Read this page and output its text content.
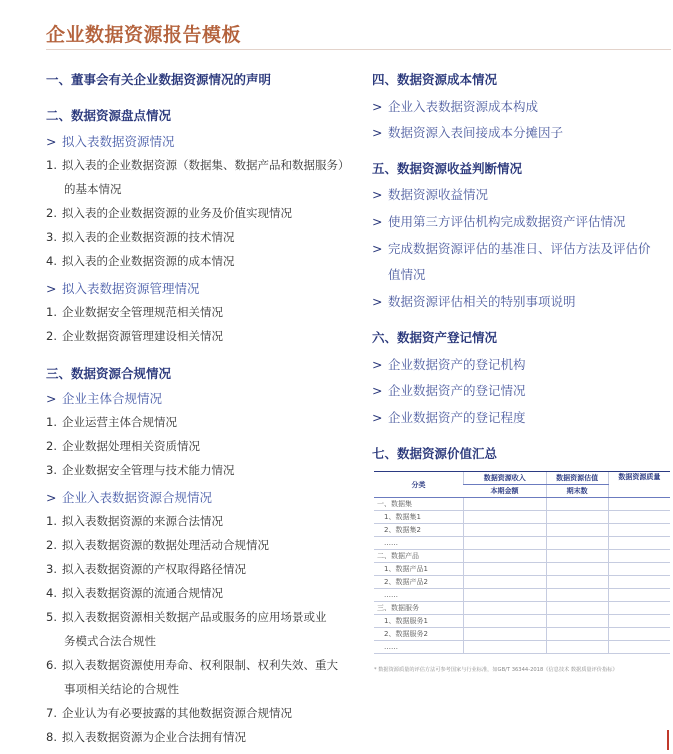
企业数据资源报告模板
一、董事会有关企业数据资源情况的声明
二、数据资源盘点情况
> 拟入表数据资源情况
1. 拟入表的企业数据资源（数据集、数据产品和数据服务）
的基本情况
2. 拟入表的企业数据资源的业务及价值实现情况
3. 拟入表的企业数据资源的技术情况
4. 拟入表的企业数据资源的成本情况
> 拟入表数据资源管理情况
1. 企业数据安全管理规范相关情况
2. 企业数据资源管理建设相关情况
三、数据资源合规情况
> 企业主体合规情况
1. 企业运营主体合规情况
2. 企业数据处理相关资质情况
3. 企业数据安全管理与技术能力情况
> 企业入表数据资源合规情况
1. 拟入表数据资源的来源合法情况
2. 拟入表数据资源的数据处理活动合规情况
3. 拟入表数据资源的产权取得路径情况
4. 拟入表数据资源的流通合规情况
5. 拟入表数据资源相关数据产品或服务的应用场景或业
务模式合法合规性
6. 拟入表数据资源使用寿命、权利限制、权利失效、重大
事项相关结论的合规性
7. 企业认为有必要披露的其他数据资源合规情况
8. 拟入表数据资源为企业合法拥有情况
四、数据资源成本情况
> 企业入表数据资源成本构成
> 数据资源入表间接成本分摊因子
五、数据资源收益判断情况
> 数据资源收益情况
> 使用第三方评估机构完成数据资产评估情况
> 完成数据资源评估的基准日、评估方法及评估价
值情况
> 数据资源评估相关的特别事项说明
六、数据资产登记情况
> 企业数据资产的登记机构
> 企业数据资产的登记情况
> 企业数据资产的登记程度
七、数据资源价值汇总
分类	数据资源收入	数据资源估值	数据资源质量
	本期金额	期末数	
一、数据集			
1、数据集1			
2、数据集2			
……			
二、数据产品			
1、数据产品1			
2、数据产品2			
……			
三、数据服务			
1、数据服务1			
2、数据服务2			
……			
* 数据资源质量的评估方法可参考国家与行业标准，如GB/T 36344-2018《信息技术 数据质量评价指标》
